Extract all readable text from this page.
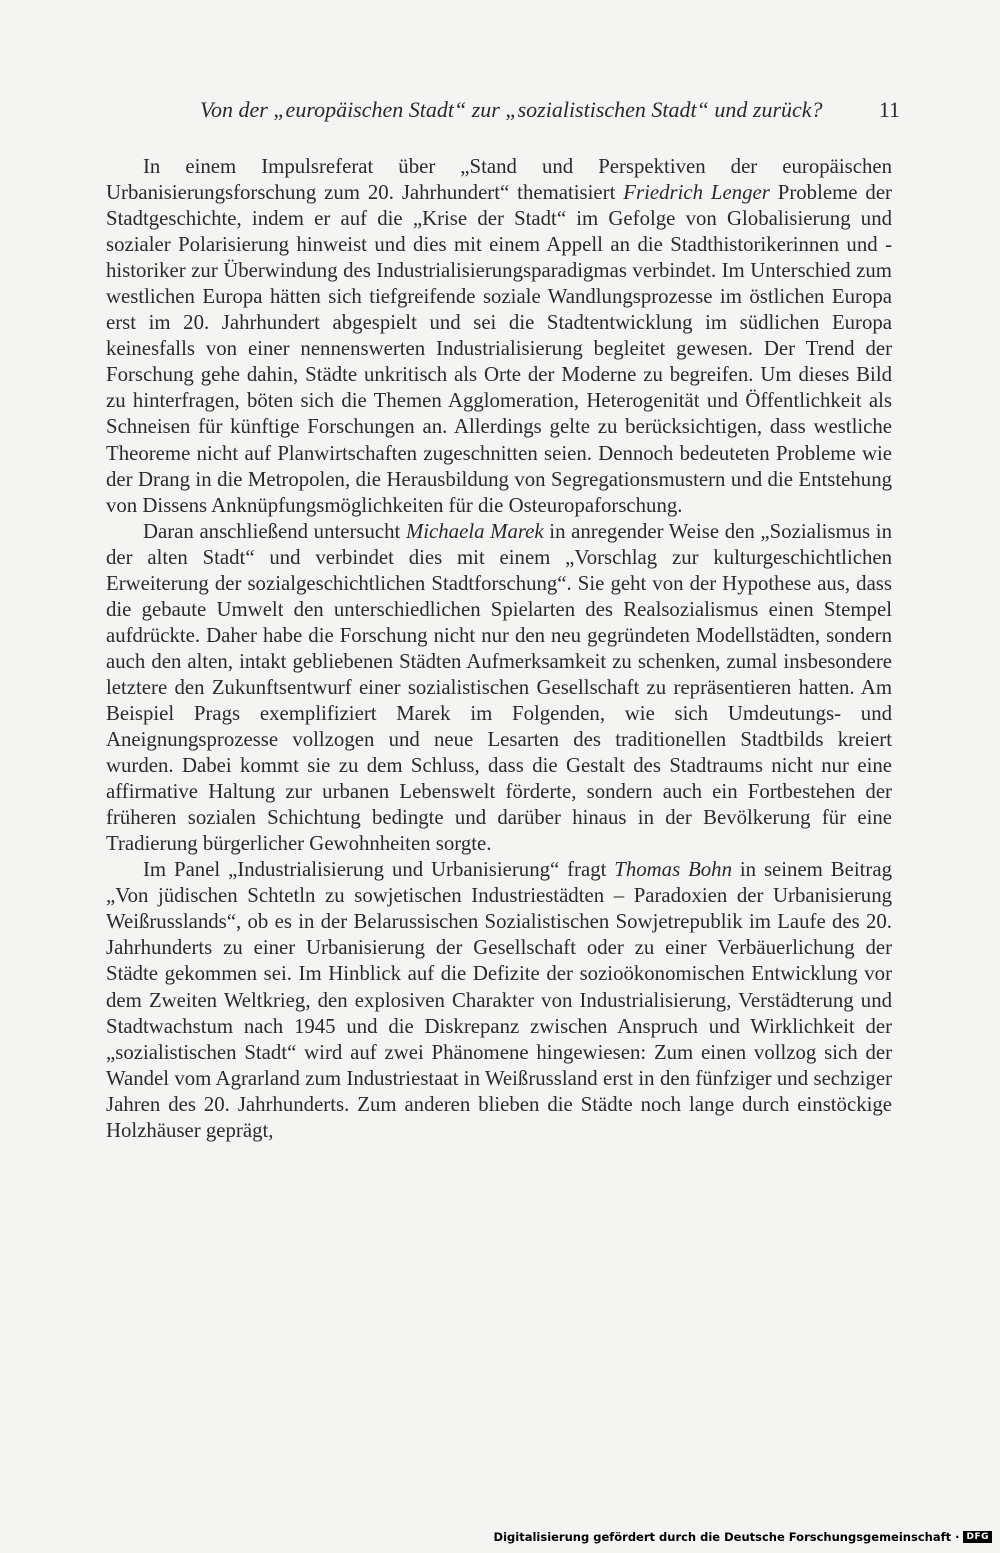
Von der „europäischen Stadt“ zur „sozialistischen Stadt“ und zurück?	11

In einem Impulsreferat über „Stand und Perspektiven der europäischen Urbanisierungsforschung zum 20. Jahrhundert“ thematisiert Friedrich Lenger Probleme der Stadtgeschichte, indem er auf die „Krise der Stadt“ im Gefolge von Globalisierung und sozialer Polarisierung hinweist und dies mit einem Appell an die Stadthistorikerinnen und -historiker zur Überwindung des Industrialisierungsparadigmas verbindet. Im Unterschied zum westlichen Europa hätten sich tiefgreifende soziale Wandlungsprozesse im östlichen Europa erst im 20. Jahrhundert abgespielt und sei die Stadtentwicklung im südlichen Europa keinesfalls von einer nennenswerten Industrialisierung begleitet gewesen. Der Trend der Forschung gehe dahin, Städte unkritisch als Orte der Moderne zu begreifen. Um dieses Bild zu hinterfragen, böten sich die Themen Agglomeration, Heterogenität und Öffentlichkeit als Schneisen für künftige Forschungen an. Allerdings gelte zu berücksichtigen, dass westliche Theoreme nicht auf Planwirtschaften zugeschnitten seien. Dennoch bedeuteten Probleme wie der Drang in die Metropolen, die Herausbildung von Segregationsmustern und die Entstehung von Dissens Anknüpfungsmöglichkeiten für die Osteuropaforschung.

Daran anschließend untersucht Michaela Marek in anregender Weise den „Sozialismus in der alten Stadt“ und verbindet dies mit einem „Vorschlag zur kulturgeschichtlichen Erweiterung der sozialgeschichtlichen Stadtforschung“. Sie geht von der Hypothese aus, dass die gebaute Umwelt den unterschiedlichen Spielarten des Realsozialismus einen Stempel aufdrückte. Daher habe die Forschung nicht nur den neu gegründeten Modellstädten, sondern auch den alten, intakt gebliebenen Städten Aufmerksamkeit zu schenken, zumal insbesondere letztere den Zukunftsentwurf einer sozialistischen Gesellschaft zu repräsentieren hatten. Am Beispiel Prags exemplifiziert Marek im Folgenden, wie sich Umdeutungs- und Aneignungsprozesse vollzogen und neue Lesarten des traditionellen Stadtbilds kreiert wurden. Dabei kommt sie zu dem Schluss, dass die Gestalt des Stadtraums nicht nur eine affirmative Haltung zur urbanen Lebenswelt förderte, sondern auch ein Fortbestehen der früheren sozialen Schichtung bedingte und darüber hinaus in der Bevölkerung für eine Tradierung bürgerlicher Gewohnheiten sorgte.

Im Panel „Industrialisierung und Urbanisierung“ fragt Thomas Bohn in seinem Beitrag „Von jüdischen Schtetln zu sowjetischen Industriestädten – Paradoxien der Urbanisierung Weißrusslands“, ob es in der Belarussischen Sozialistischen Sowjetrepublik im Laufe des 20. Jahrhunderts zu einer Urbanisierung der Gesellschaft oder zu einer Verbäuerlichung der Städte gekommen sei. Im Hinblick auf die Defizite der sozioökonomischen Entwicklung vor dem Zweiten Weltkrieg, den explosiven Charakter von Industrialisierung, Verstädterung und Stadtwachstum nach 1945 und die Diskrepanz zwischen Anspruch und Wirklichkeit der „sozialistischen Stadt“ wird auf zwei Phänomene hingewiesen: Zum einen vollzog sich der Wandel vom Agrarland zum Industriestaat in Weißrussland erst in den fünfziger und sechziger Jahren des 20. Jahrhunderts. Zum anderen blieben die Städte noch lange durch einstöckige Holzhäuser geprägt,

Digitalisierung gefördert durch die Deutsche Forschungsgemeinschaft · DFG
